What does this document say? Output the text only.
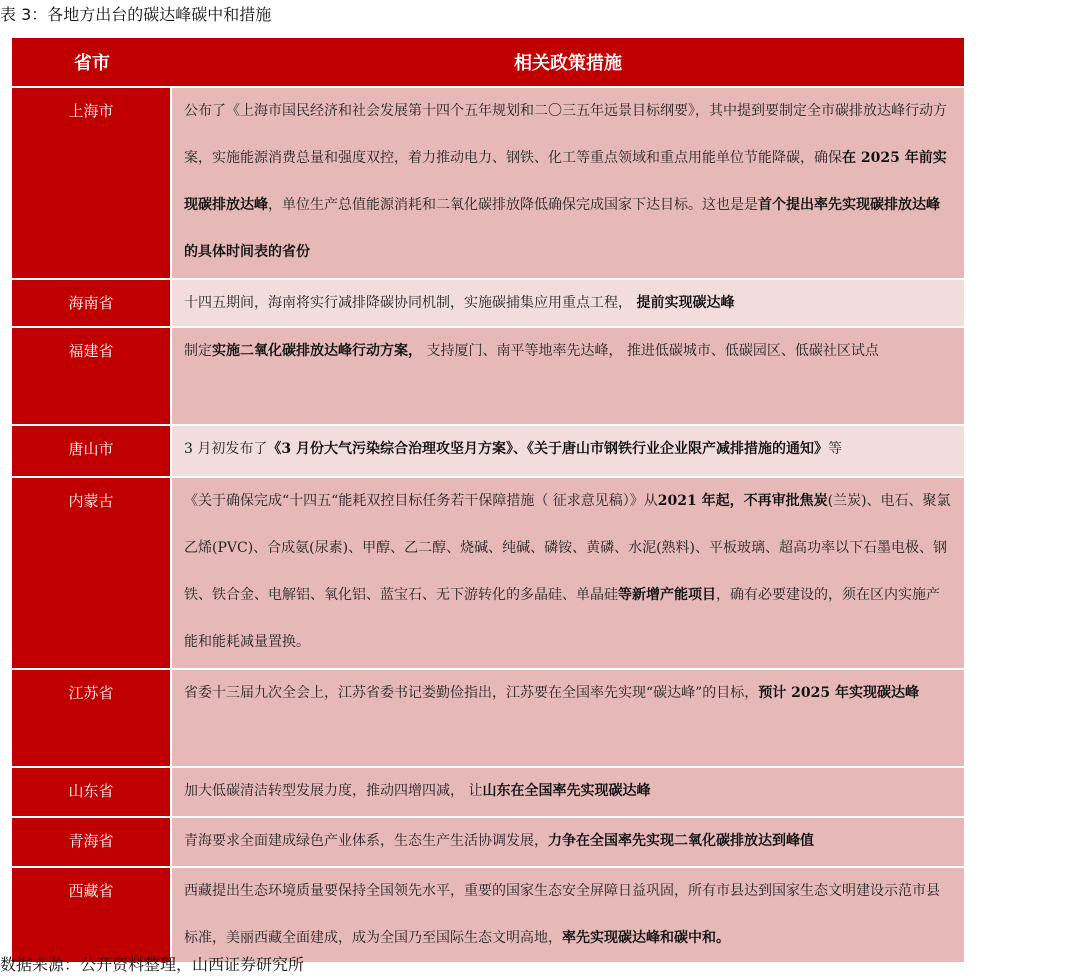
表 3：各地方出台的碳达峰碳中和措施
省市	相关政策措施
上海市	公布了《上海市国民经济和社会发展第十四个五年规划和二〇三五年远景目标纲要》，其中提到要制定全市碳排放达峰行动方案，实施能源消费总量和强度双控，着力推动电力、钢铁、化工等重点领域和重点用能单位节能降碳，确保在 2025 年前实现碳排放达峰，单位生产总值能源消耗和二氧化碳排放降低确保完成国家下达目标。这也是是首个提出率先实现碳排放达峰的具体时间表的省份
海南省	十四五期间，海南将实行减排降碳协同机制，实施碳捕集应用重点工程， 提前实现碳达峰
福建省	制定实施二氧化碳排放达峰行动方案， 支持厦门、南平等地率先达峰， 推进低碳城市、低碳园区、低碳社区试点
唐山市	3 月初发布了《3 月份大气污染综合治理攻坚月方案》、《关于唐山市钢铁行业企业限产减排措施的通知》等
内蒙古	《关于确保完成“十四五“能耗双控目标任务若干保障措施（ 征求意见稿）》从2021 年起，不再审批焦炭(兰炭)、电石、聚氯乙烯(PVC)、合成氨(尿素)、甲醇、乙二醇、烧碱、纯碱、磷铵、黄磷、水泥(熟料)、平板玻璃、超高功率以下石墨电极、钢铁、铁合金、电解铝、氧化铝、蓝宝石、无下游转化的多晶硅、单晶硅等新增产能项目，确有必要建设的，须在区内实施产能和能耗减量置换。
江苏省	省委十三届九次全会上，江苏省委书记娄勤俭指出，江苏要在全国率先实现“碳达峰”的目标，预计 2025 年实现碳达峰
山东省	加大低碳清洁转型发展力度，推动四增四减， 让山东在全国率先实现碳达峰
青海省	青海要求全面建成绿色产业体系，生态生产生活协调发展，力争在全国率先实现二氧化碳排放达到峰值
西藏省	西藏提出生态环境质量要保持全国领先水平，重要的国家生态安全屏障日益巩固，所有市县达到国家生态文明建设示范市县标准，美丽西藏全面建成，成为全国乃至国际生态文明高地，率先实现碳达峰和碳中和。
数据来源：公开资料整理，山西证券研究所
